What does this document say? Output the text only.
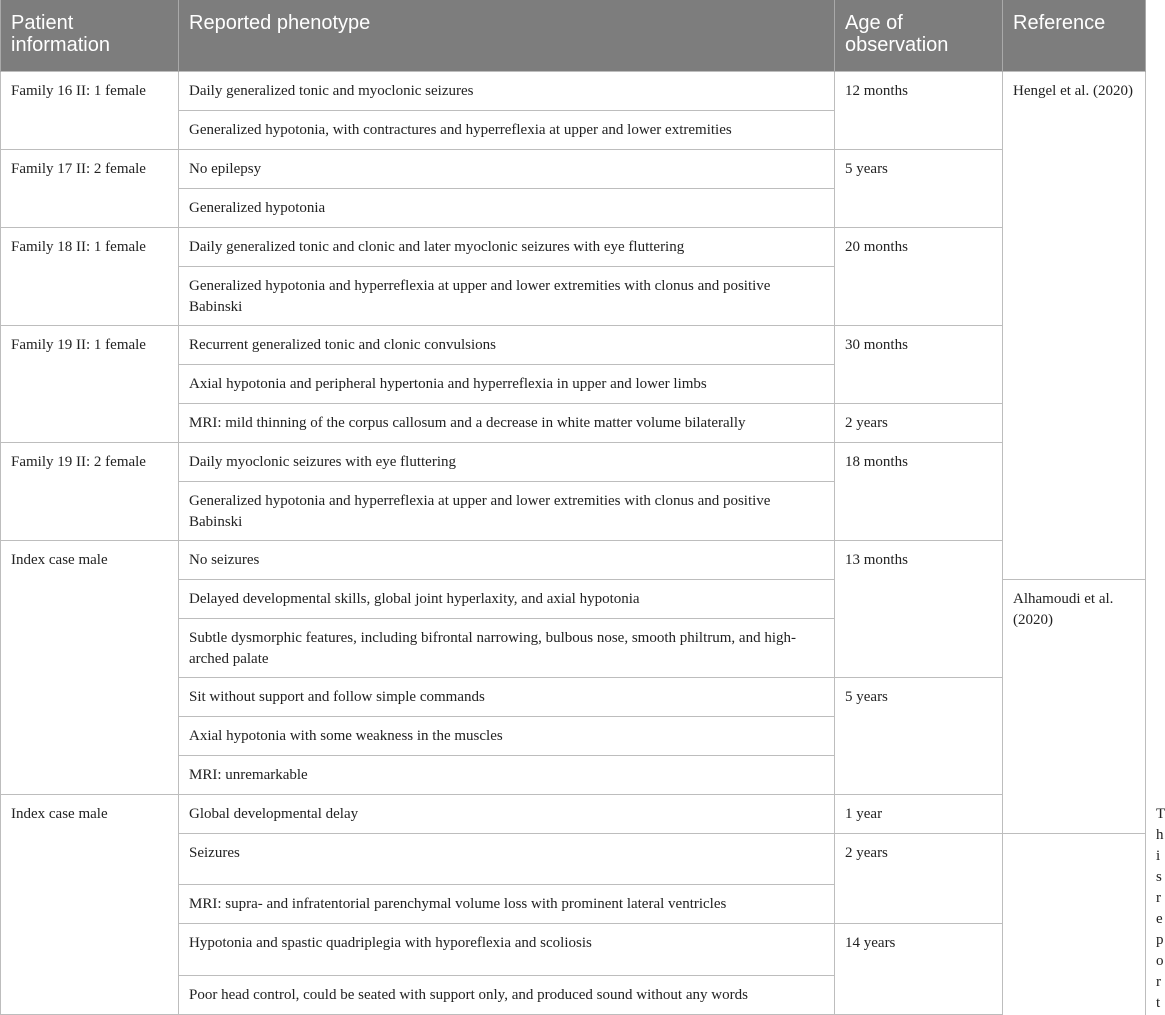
Patient information	Reported phenotype	Age of observation	Reference	
Family 16 II: 1 female	Daily generalized tonic and myoclonic seizures	12 months	Hengel et al. (2020)	
	Generalized hypotonia, with contractures and hyperreflexia at upper and lower extremities			
Family 17 II: 2 female	No epilepsy	5 years		
	Generalized hypotonia			
Family 18 II: 1 female	Daily generalized tonic and clonic and later myoclonic seizures with eye fluttering	20 months		
	Generalized hypotonia and hyperreflexia at upper and lower extremities with clonus and positive Babinski			
Family 19 II: 1 female	Recurrent generalized tonic and clonic convulsions	30 months		
	Axial hypotonia and peripheral hypertonia and hyperreflexia in upper and lower limbs			
	MRI: mild thinning of the corpus callosum and a decrease in white matter volume bilaterally	2 years		
Family 19 II: 2 female	Daily myoclonic seizures with eye fluttering	18 months		
	Generalized hypotonia and hyperreflexia at upper and lower extremities with clonus and positive Babinski			
Index case male	No seizures	13 months		
	Delayed developmental skills, global joint hyperlaxity, and axial hypotonia		Alhamoudi et al. (2020)	
	Subtle dysmorphic features, including bifrontal narrowing, bulbous nose, smooth philtrum, and high-arched palate			
	Sit without support and follow simple commands	5 years		
	Axial hypotonia with some weakness in the muscles			
	MRI: unremarkable			
Index case male	Global developmental delay	1 year		This report
	Seizures	2 years		
	MRI: supra- and infratentorial parenchymal volume loss with prominent lateral ventricles			
	Hypotonia and spastic quadriplegia with hyporeflexia and scoliosis	14 years		
	Poor head control, could be seated with support only, and produced sound without any words			
